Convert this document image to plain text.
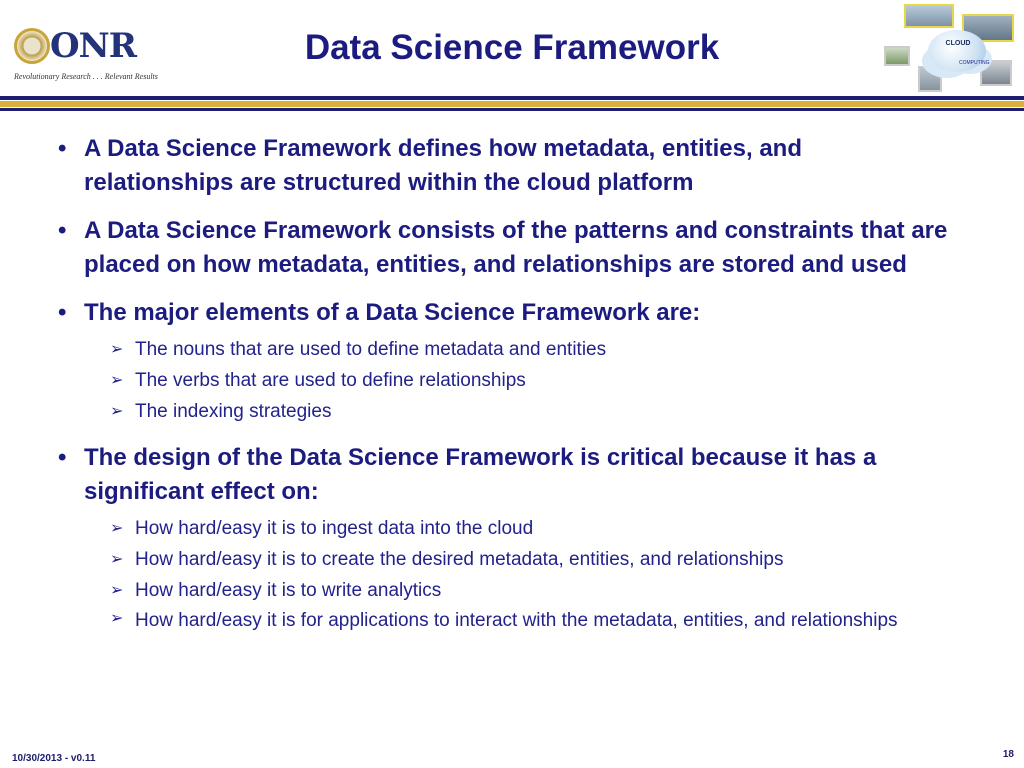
ONR
Revolutionary Research . . . Relevant Results
Data Science Framework	CLOUD
COMPUTING
• A Data Science Framework defines how metadata, entities, and relationships are structured within the cloud platform
• A Data Science Framework consists of the patterns and constraints that are placed on how metadata, entities, and relationships are stored and used
• The major elements of a Data Science Framework are:
➢ The nouns that are used to define metadata and entities
➢ The verbs that are used to define relationships
➢ The indexing strategies
• The design of the Data Science Framework is critical because it has a significant effect on:
➢ How hard/easy it is to ingest data into the cloud
➢ How hard/easy it is to create the desired metadata, entities, and relationships
➢ How hard/easy it is to write analytics
➢ How hard/easy it is for applications to interact with the metadata, entities, and relationships
10/30/2013 - v0.11	18
